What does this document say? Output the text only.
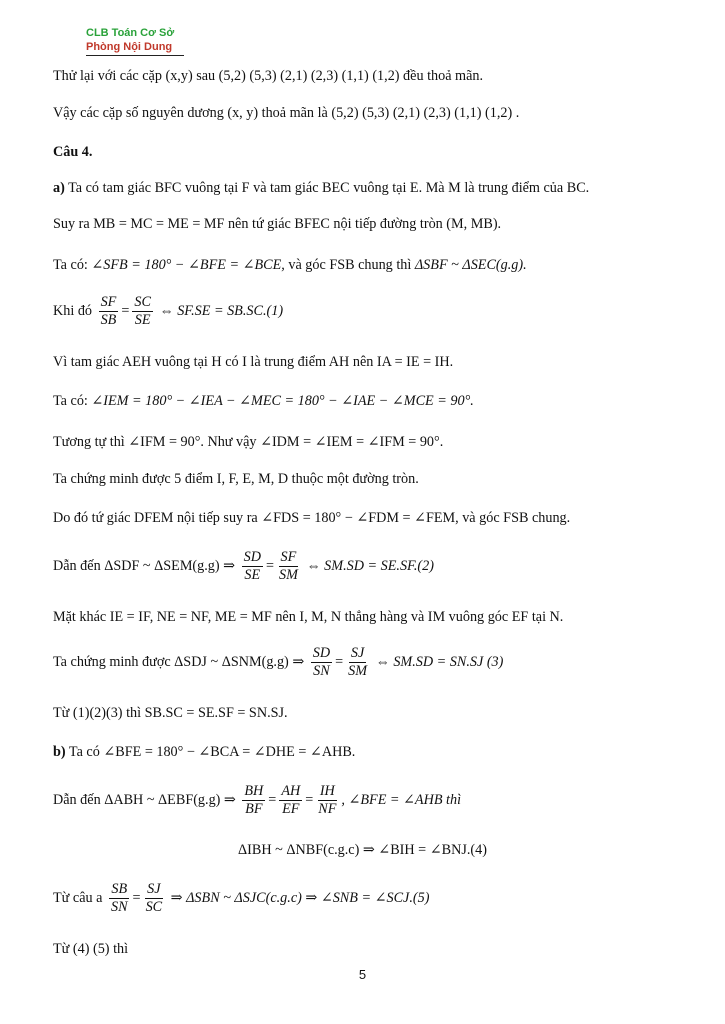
CLB Toán Cơ Sở
Phòng Nội Dung
Thử lại với các cặp (x,y) sau (5,2) (5,3) (2,1) (2,3) (1,1) (1,2) đều thoả mãn.
Vậy các cặp số nguyên dương (x, y) thoả mãn là (5,2) (5,3) (2,1) (2,3) (1,1) (1,2) .
Câu 4.
a) Ta có tam giác BFC vuông tại F và tam giác BEC vuông tại E. Mà M là trung điểm của BC.
Suy ra MB = MC = ME = MF nên tứ giác BFEC nội tiếp đường tròn (M, MB).
Ta có: ∠SFB = 180° − ∠BFE = ∠BCE, và góc FSB chung thì ΔSBF ~ ΔSEC(g.g).
Khi đó $\frac{SF}{SB} = \frac{SC}{SE}$ ⇔ SF.SE = SB.SC.(1)
Vì tam giác AEH vuông tại H có I là trung điểm AH nên IA = IE = IH.
Ta có: ∠IEM = 180° − ∠IEA − ∠MEC = 180° − ∠IAE − ∠MCE = 90°.
Tương tự thì ∠IFM = 90°. Như vậy ∠IDM = ∠IEM = ∠IFM = 90°.
Ta chứng minh được 5 điểm I, F, E, M, D thuộc một đường tròn.
Do đó tứ giác DFEM nội tiếp suy ra ∠FDS = 180° − ∠FDM = ∠FEM, và góc FSB chung.
Dẫn đến ΔSDF ~ ΔSEM(g.g) ⇒ $\frac{SD}{SE} = \frac{SF}{SM}$ ⇔ SM.SD = SE.SF.(2)
Mặt khác IE = IF, NE = NF, ME = MF nên I, M, N thẳng hàng và IM vuông góc EF tại N.
Ta chứng minh được ΔSDJ ~ ΔSNM(g.g) ⇒ $\frac{SD}{SN} = \frac{SJ}{SM}$ ⇔ SM.SD = SN.SJ (3)
Từ (1)(2)(3) thì SB.SC = SE.SF = SN.SJ.
b) Ta có ∠BFE = 180° − ∠BCA = ∠DHE = ∠AHB.
Dẫn đến ΔABH ~ ΔEBF(g.g) ⇒ $\frac{BH}{BF} = \frac{AH}{EF} = \frac{IH}{NF}$ , ∠BFE = ∠AHB thì
ΔIBH ~ ΔNBF(c.g.c) ⇒ ∠BIH = ∠BNJ.(4)
Từ câu a $\frac{SB}{SN} = \frac{SJ}{SC}$ ⇒ ΔSBN ~ ΔSJC(c.g.c) ⇒ ∠SNB = ∠SCJ.(5)
Từ (4) (5) thì
5
